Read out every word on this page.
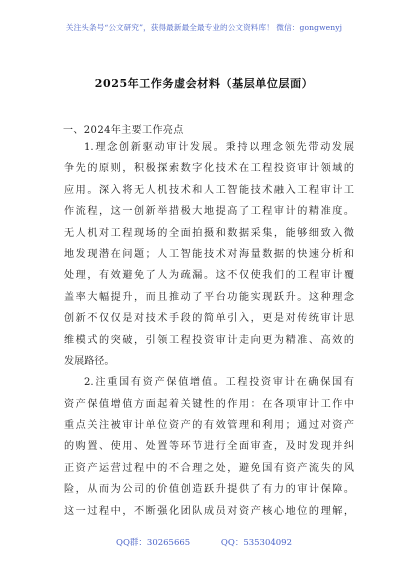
关注头条号“公文研究”，获得最新最全最专业的公文资料库！ 微信：gongwenyj
2025年工作务虚会材料（基层单位层面）
一、2024年主要工作亮点
1.理念创新驱动审计发展。秉持以理念领先带动发展
争先的原则，积极探索数字化技术在工程投资审计领域的
应用。深入将无人机技术和人工智能技术融入工程审计工
作流程，这一创新举措极大地提高了工程审计的精准度。
无人机对工程现场的全面拍摄和数据采集，能够细致入微
地发现潜在问题；人工智能技术对海量数据的快速分析和
处理，有效避免了人为疏漏。这不仅使我们的工程审计覆
盖率大幅提升，而且推动了平台功能实现跃升。这种理念
创新不仅仅是对技术手段的简单引入，更是对传统审计思
维模式的突破，引领工程投资审计走向更为精准、高效的
发展路径。
2.注重国有资产保值增值。工程投资审计在确保国有
资产保值增值方面起着关键性的作用：在各项审计工作中
重点关注被审计单位资产的有效管理和利用；通过对资产
的购置、使用、处置等环节进行全面审查，及时发现并纠
正资产运营过程中的不合理之处，避免国有资产流失的风
险，从而为公司的价值创造跃升提供了有力的审计保障。
这一过程中，不断强化团队成员对资产核心地位的理解，
QQ群：30265665	QQ：535304092
